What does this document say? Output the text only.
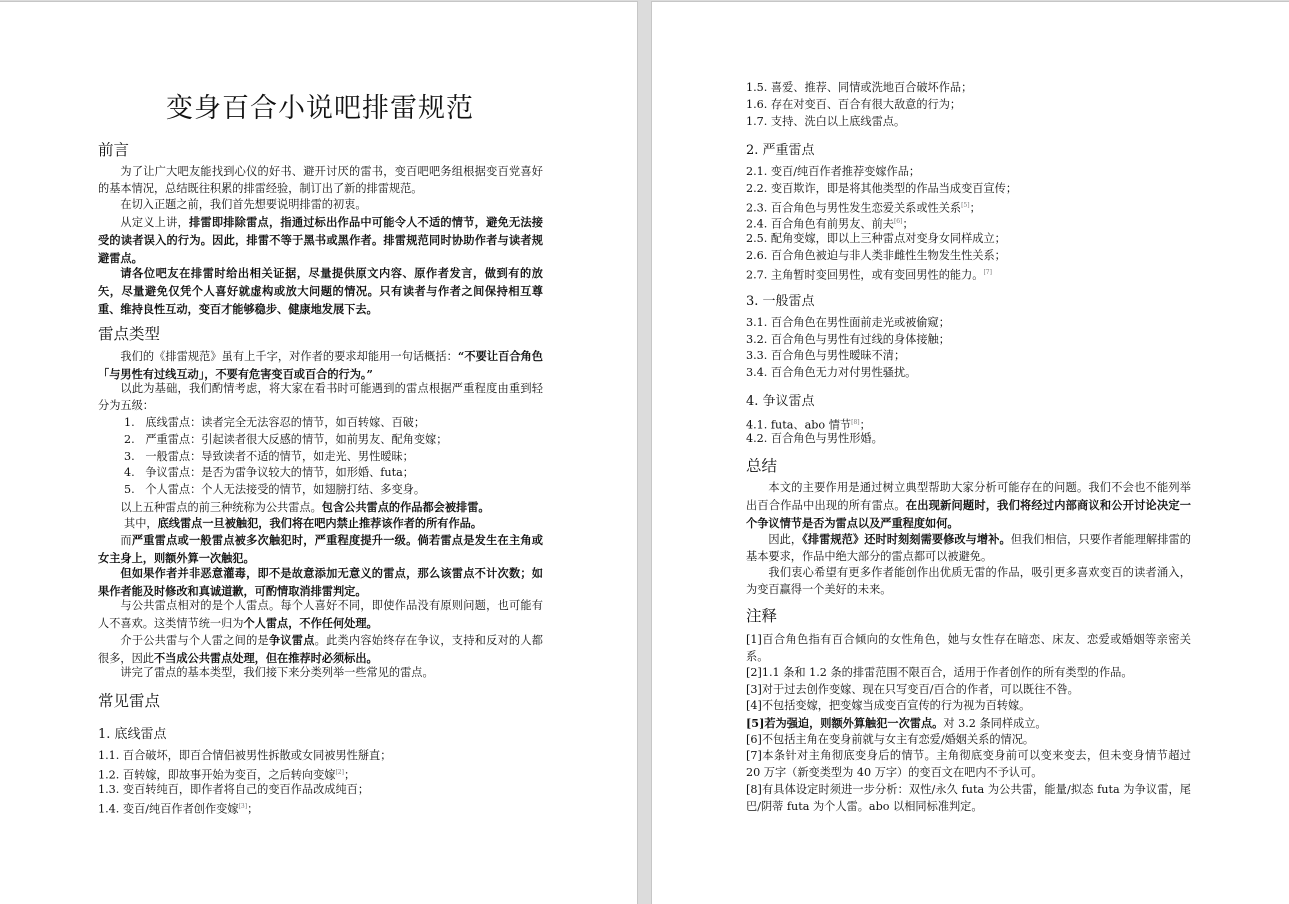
变身百合小说吧排雷规范
前言

为了让广大吧友能找到心仪的好书、避开讨厌的雷书，变百吧吧务组根据变百党喜好的基本情况，总结既往积累的排雷经验，制订出了新的排雷规范。

在切入正题之前，我们首先想要说明排雷的初衷。

从定义上讲，排雷即排除雷点，指通过标出作品中可能令人不适的情节，避免无法接受的读者误入的行为。因此，排雷不等于黑书或黑作者。排雷规范同时协助作者与读者规避雷点。

请各位吧友在排雷时给出相关证据，尽量提供原文内容、原作者发言，做到有的放矢，尽量避免仅凭个人喜好就虚构或放大问题的情况。只有读者与作者之间保持相互尊重、维持良性互动，变百才能够稳步、健康地发展下去。

雷点类型

我们的《排雷规范》虽有上千字，对作者的要求却能用一句话概括：“不要让百合角色「与男性有过线互动」，不要有危害变百或百合的行为。”

以此为基础，我们酌情考虑，将大家在看书时可能遇到的雷点根据严重程度由重到轻分为五级：

1.   底线雷点：读者完全无法容忍的情节，如百转嫁、百破；
2.   严重雷点：引起读者很大反感的情节，如前男友、配角变嫁；
3.   一般雷点：导致读者不适的情节，如走光、男性暧昧；
4.   争议雷点：是否为雷争议较大的情节，如形婚、futa；
5.   个人雷点：个人无法接受的情节，如翅膀打结、多变身。

以上五种雷点的前三种统称为公共雷点。包含公共雷点的作品都会被排雷。

其中，底线雷点一旦被触犯，我们将在吧内禁止推荐该作者的所有作品。

而严重雷点或一般雷点被多次触犯时，严重程度提升一级。倘若雷点是发生在主角或女主身上，则额外算一次触犯。

但如果作者并非恶意灌毒，即不是故意添加无意义的雷点，那么该雷点不计次数；如果作者能及时修改和真诚道歉，可酌情取消排雷判定。

与公共雷点相对的是个人雷点。每个人喜好不同，即使作品没有原则问题，也可能有人不喜欢。这类情节统一归为个人雷点，不作任何处理。

介于公共雷与个人雷之间的是争议雷点。此类内容始终存在争议，支持和反对的人都很多，因此不当成公共雷点处理，但在推荐时必须标出。

讲完了雷点的基本类型，我们接下来分类列举一些常见的雷点。

常见雷点
1. 底线雷点
1.1. 百合破坏，即百合情侣被男性拆散或女同被男性掰直；
1.2. 百转嫁，即故事开始为变百，之后转向变嫁[2]；
1.3. 变百转纯百，即作者将自己的变百作品改成纯百；
1.4. 变百/纯百作者创作变嫁[3]；
1.5. 喜爱、推荐、同情或洗地百合破坏作品；
1.6. 存在对变百、百合有很大敌意的行为；
1.7. 支持、洗白以上底线雷点。
2. 严重雷点
2.1. 变百/纯百作者推荐变嫁作品；
2.2. 变百欺诈，即是将其他类型的作品当成变百宣传；
2.3. 百合角色与男性发生恋爱关系或性关系[5]；
2.4. 百合角色有前男友、前夫[6]；
2.5. 配角变嫁，即以上三种雷点对变身女同样成立；
2.6. 百合角色被迫与非人类非雌性生物发生性关系；
2.7. 主角暂时变回男性，或有变回男性的能力。[7]
3. 一般雷点
3.1. 百合角色在男性面前走光或被偷窥；
3.2. 百合角色与男性有过线的身体接触；
3.3. 百合角色与男性暧昧不清；
3.4. 百合角色无力对付男性骚扰。
4. 争议雷点
4.1. futa、abo 情节[8]；
4.2. 百合角色与男性形婚。
总结

本文的主要作用是通过树立典型帮助大家分析可能存在的问题。我们不会也不能列举出百合作品中出现的所有雷点。在出现新问题时，我们将经过内部商议和公开讨论决定一个争议情节是否为雷点以及严重程度如何。

因此，《排雷规范》还时时刻刻需要修改与增补。但我们相信，只要作者能理解排雷的基本要求，作品中绝大部分的雷点都可以被避免。

我们衷心希望有更多作者能创作出优质无雷的作品，吸引更多喜欢变百的读者涌入，为变百赢得一个美好的未来。

注释

[1]百合角色指有百合倾向的女性角色，她与女性存在暗恋、床友、恋爱或婚姻等亲密关系。

[2]1.1 条和 1.2 条的排雷范围不限百合，适用于作者创作的所有类型的作品。

[3]对于过去创作变嫁、现在只写变百/百合的作者，可以既往不咎。

[4]不包括变嫁，把变嫁当成变百宣传的行为视为百转嫁。

[5]若为强迫，则额外算触犯一次雷点。对 3.2 条同样成立。

[6]不包括主角在变身前就与女主有恋爱/婚姻关系的情况。

[7]本条针对主角彻底变身后的情节。主角彻底变身前可以变来变去，但未变身情节超过 20 万字（新变类型为 40 万字）的变百文在吧内不予认可。

[8]有具体设定时须进一步分析：双性/永久 futa 为公共雷，能量/拟态 futa 为争议雷，尾巴/阴蒂 futa 为个人雷。abo 以相同标准判定。
